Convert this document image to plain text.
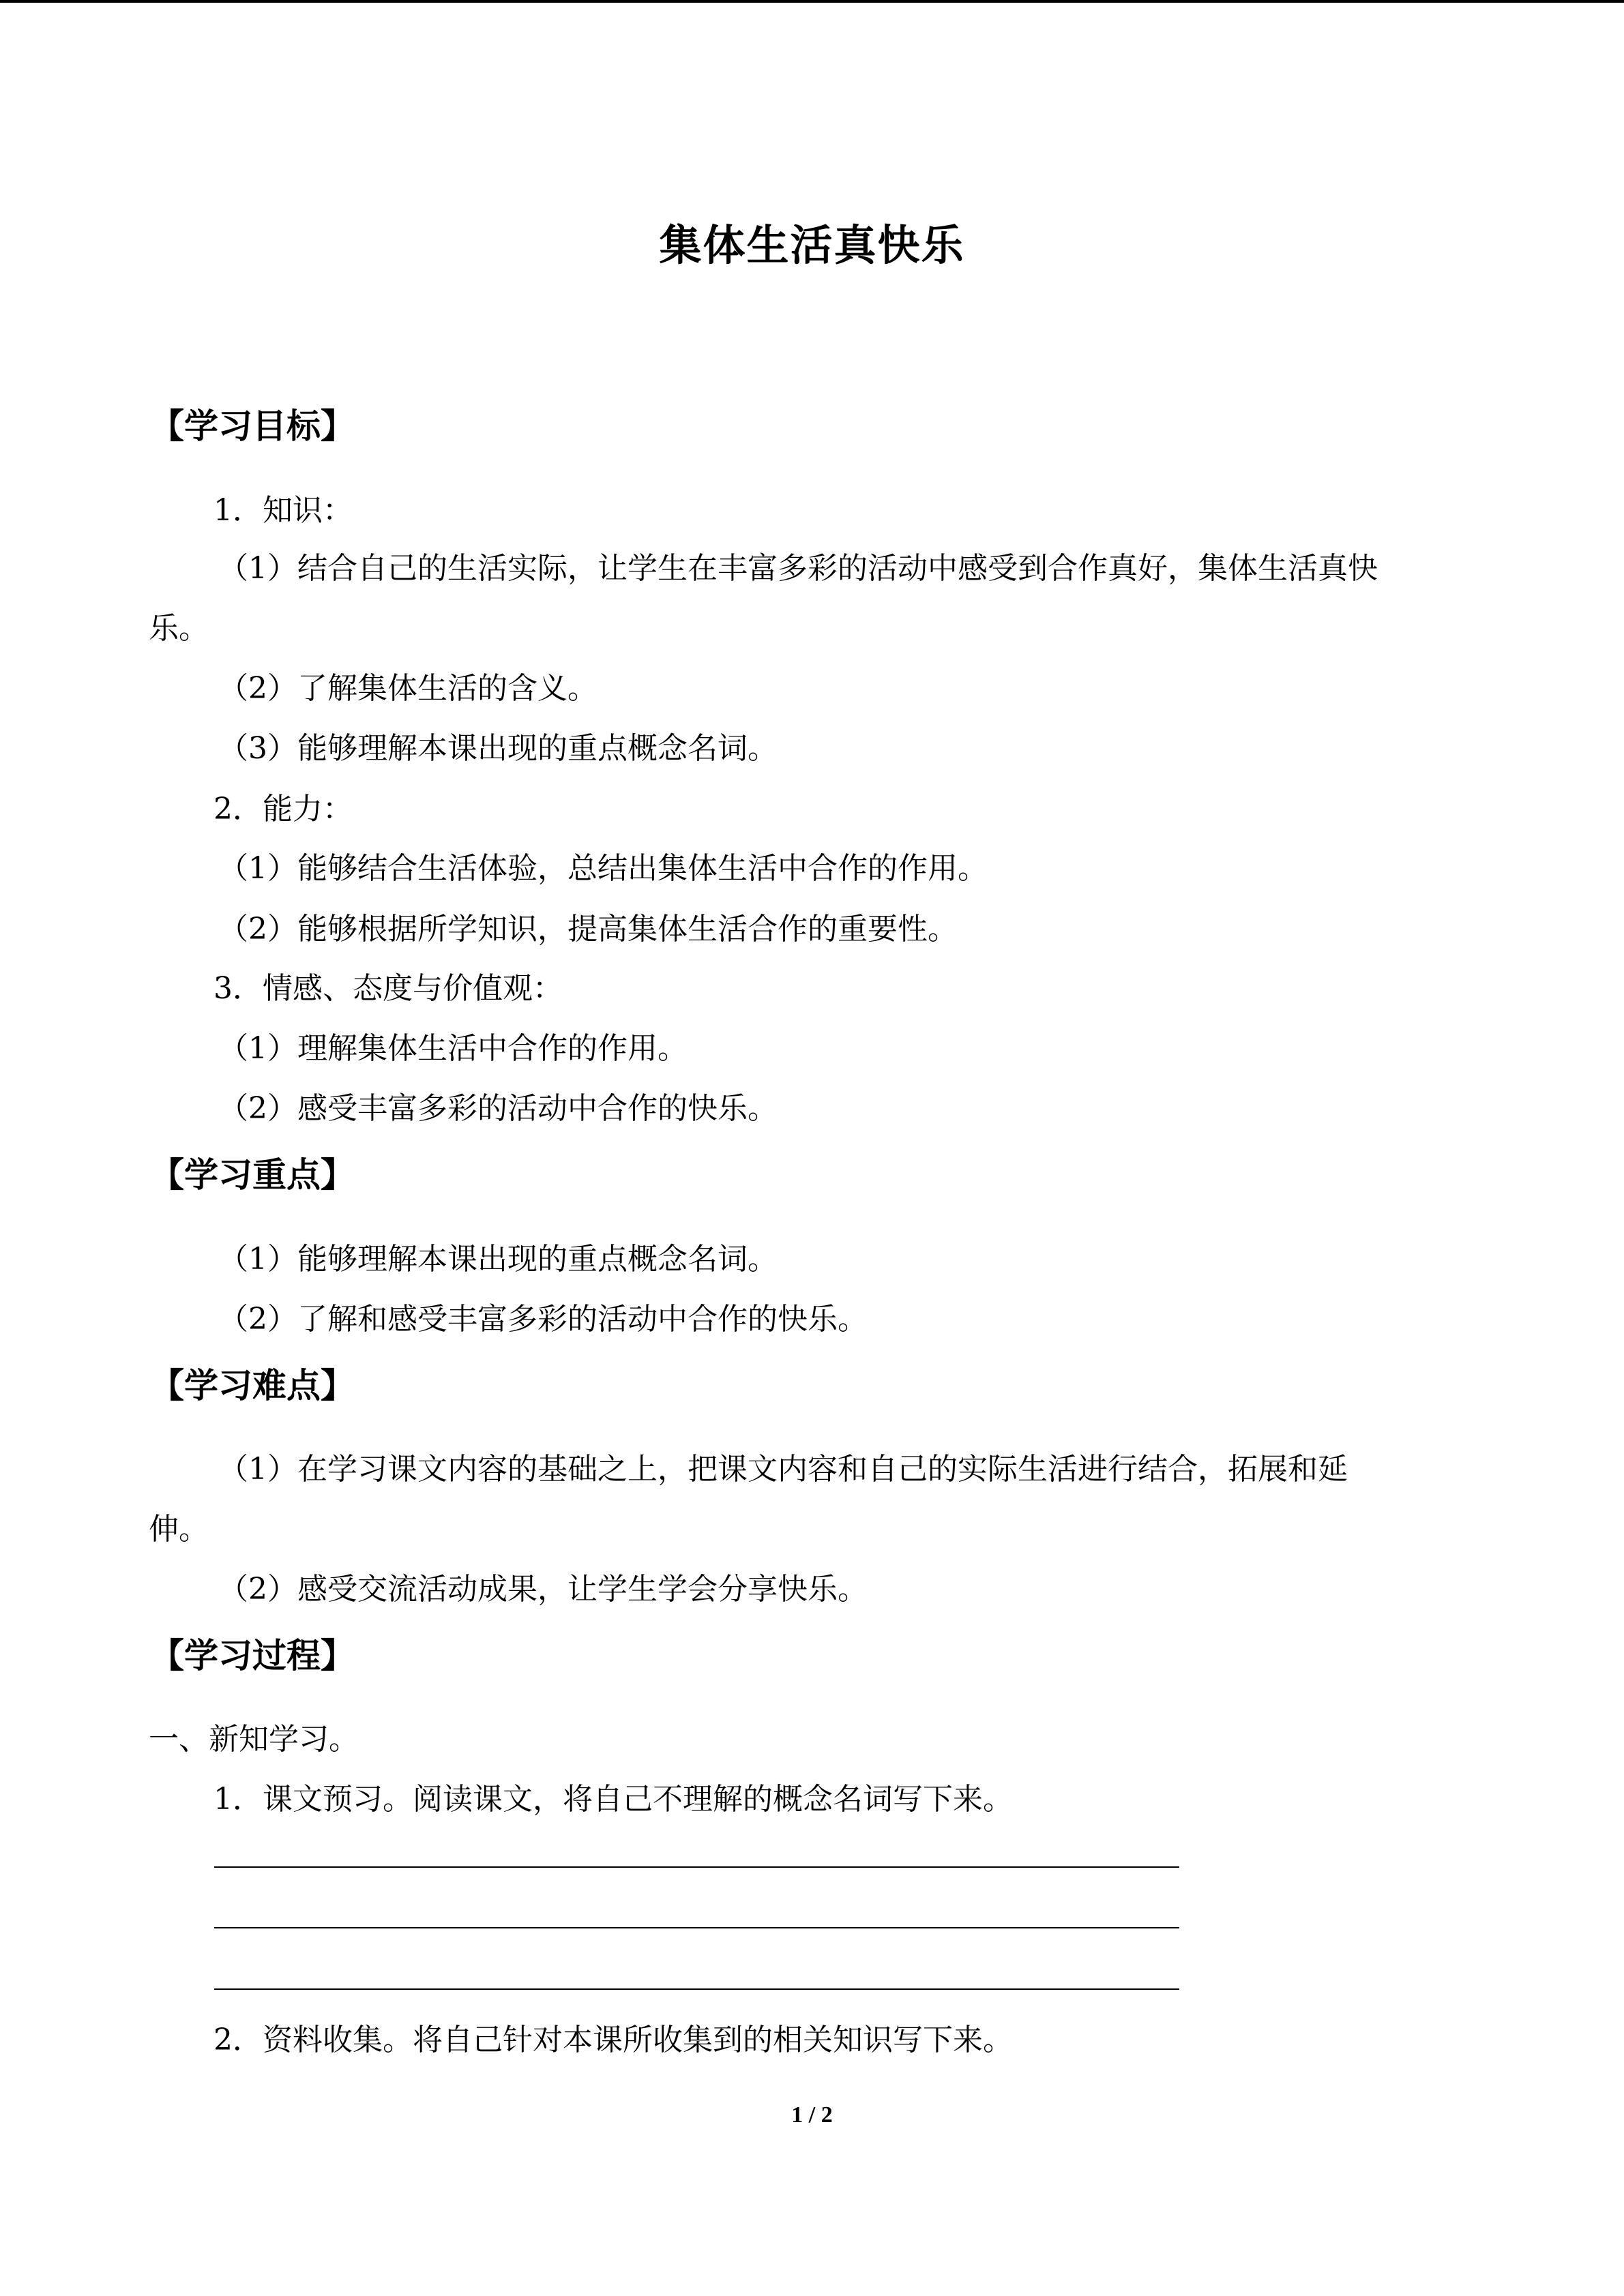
集体生活真快乐
【学习目标】
1．知识：
（1）结合自己的生活实际，让学生在丰富多彩的活动中感受到合作真好，集体生活真快
乐。
（2）了解集体生活的含义。
（3）能够理解本课出现的重点概念名词。
2．能力：
（1）能够结合生活体验，总结出集体生活中合作的作用。
（2）能够根据所学知识，提高集体生活合作的重要性。
3．情感、态度与价值观：
（1）理解集体生活中合作的作用。
（2）感受丰富多彩的活动中合作的快乐。
【学习重点】
（1）能够理解本课出现的重点概念名词。
（2）了解和感受丰富多彩的活动中合作的快乐。
【学习难点】
（1）在学习课文内容的基础之上，把课文内容和自己的实际生活进行结合，拓展和延
伸。
（2）感受交流活动成果，让学生学会分享快乐。
【学习过程】
一、新知学习。
1．课文预习。阅读课文，将自己不理解的概念名词写下来。
2．资料收集。将自己针对本课所收集到的相关知识写下来。
1 / 2
